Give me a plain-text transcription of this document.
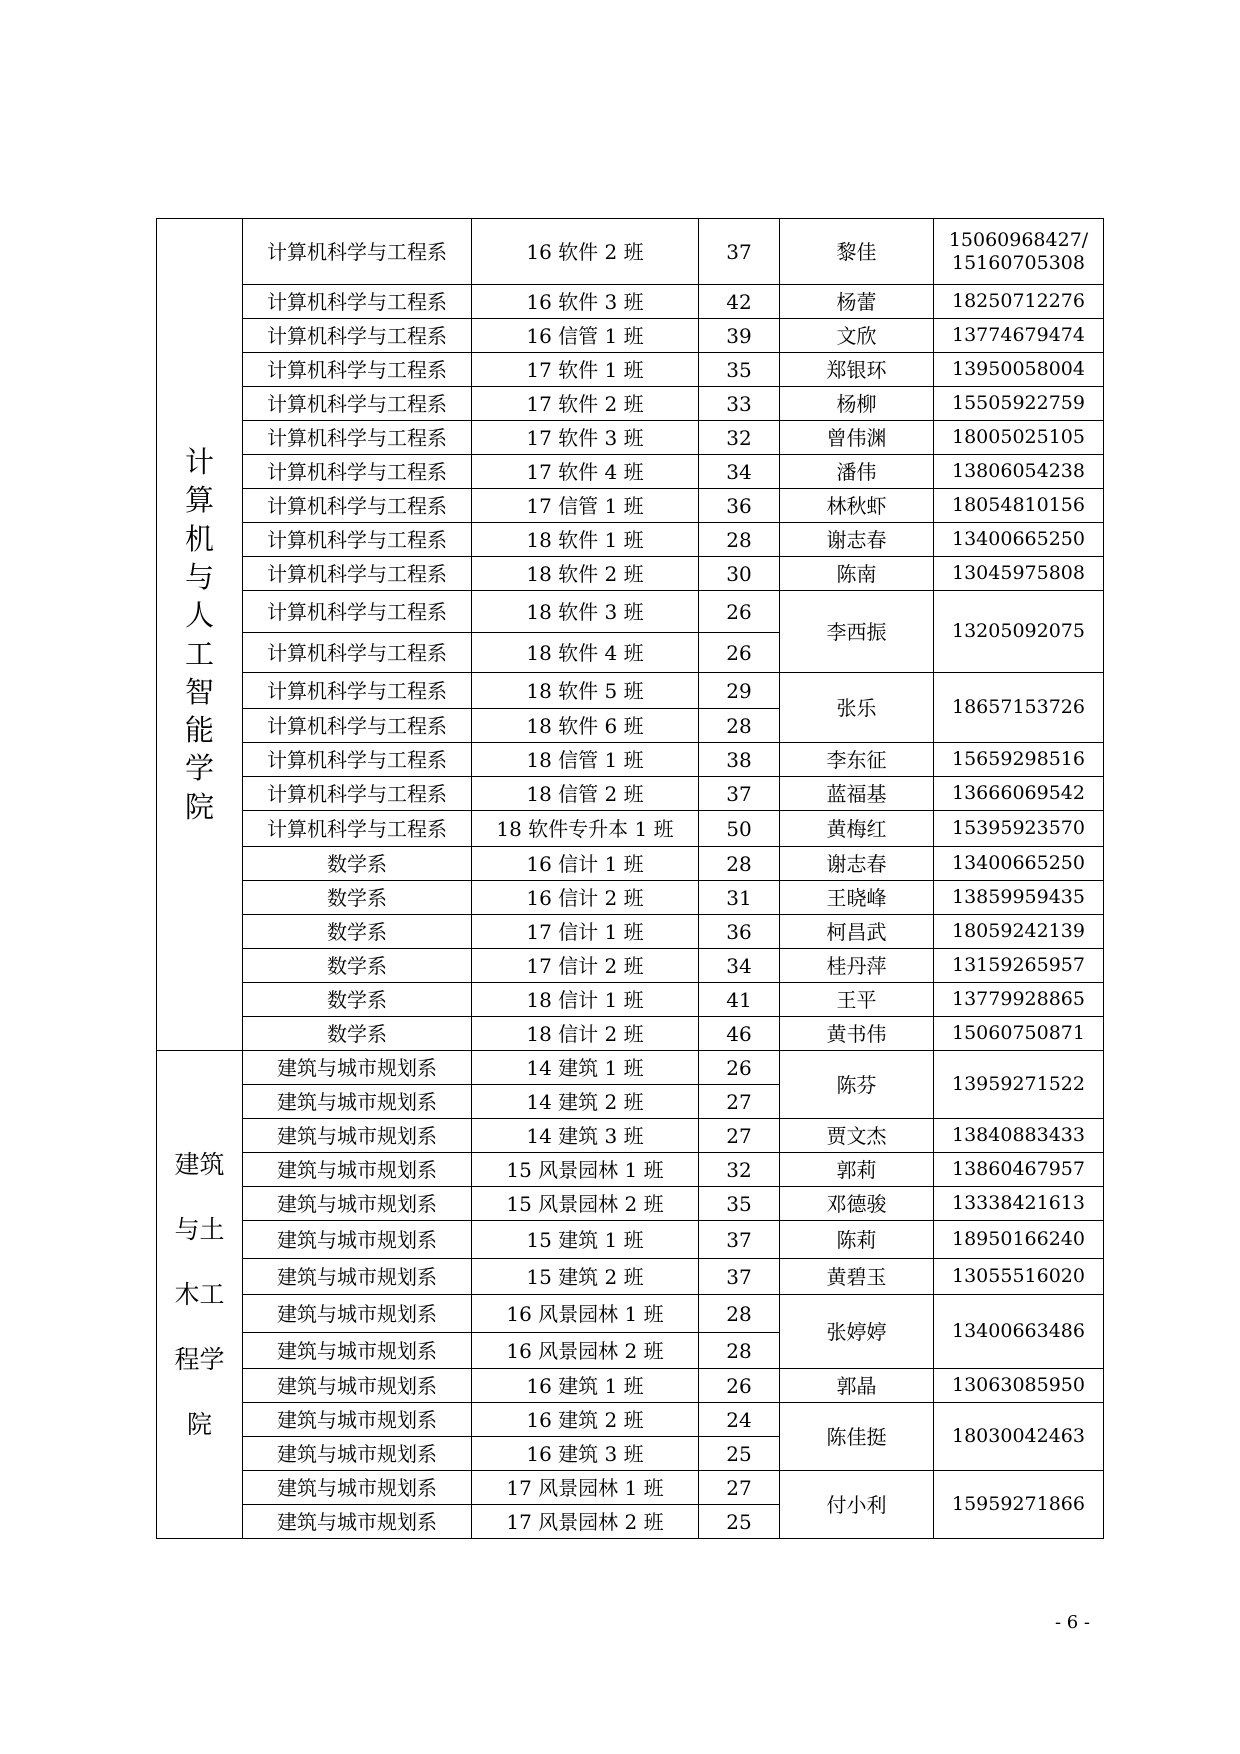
计算机与人工智能学院	计算机科学与工程系	16 软件 2 班	37	黎佳	15060968427/ 15160705308
	计算机科学与工程系	16 软件 3 班	42	杨蕾	18250712276
	计算机科学与工程系	16 信管 1 班	39	文欣	13774679474
	计算机科学与工程系	17 软件 1 班	35	郑银环	13950058004
	计算机科学与工程系	17 软件 2 班	33	杨柳	15505922759
	计算机科学与工程系	17 软件 3 班	32	曾伟渊	18005025105
	计算机科学与工程系	17 软件 4 班	34	潘伟	13806054238
	计算机科学与工程系	17 信管 1 班	36	林秋虾	18054810156
	计算机科学与工程系	18 软件 1 班	28	谢志春	13400665250
	计算机科学与工程系	18 软件 2 班	30	陈南	13045975808
	计算机科学与工程系	18 软件 3 班	26	李西振	13205092075
	计算机科学与工程系	18 软件 4 班	26		
	计算机科学与工程系	18 软件 5 班	29	张乐	18657153726
	计算机科学与工程系	18 软件 6 班	28		
	计算机科学与工程系	18 信管 1 班	38	李东征	15659298516
	计算机科学与工程系	18 信管 2 班	37	蓝福基	13666069542
	计算机科学与工程系	18 软件专升本 1 班	50	黄梅红	15395923570
	数学系	16 信计 1 班	28	谢志春	13400665250
	数学系	16 信计 2 班	31	王晓峰	13859959435
	数学系	17 信计 1 班	36	柯昌武	18059242139
	数学系	17 信计 2 班	34	桂丹萍	13159265957
	数学系	18 信计 1 班	41	王平	13779928865
	数学系	18 信计 2 班	46	黄书伟	15060750871
建筑与土木工程学院	建筑与城市规划系	14 建筑 1 班	26	陈芬	13959271522
	建筑与城市规划系	14 建筑 2 班	27		
	建筑与城市规划系	14 建筑 3 班	27	贾文杰	13840883433
	建筑与城市规划系	15 风景园林 1 班	32	郭莉	13860467957
	建筑与城市规划系	15 风景园林 2 班	35	邓德骏	13338421613
	建筑与城市规划系	15 建筑 1 班	37	陈莉	18950166240
	建筑与城市规划系	15 建筑 2 班	37	黄碧玉	13055516020
	建筑与城市规划系	16 风景园林 1 班	28	张婷婷	13400663486
	建筑与城市规划系	16 风景园林 2 班	28		
	建筑与城市规划系	16 建筑 1 班	26	郭晶	13063085950
	建筑与城市规划系	16 建筑 2 班	24	陈佳挺	18030042463
	建筑与城市规划系	16 建筑 3 班	25		
	建筑与城市规划系	17 风景园林 1 班	27	付小利	15959271866
	建筑与城市规划系	17 风景园林 2 班	25		
- 6 -
